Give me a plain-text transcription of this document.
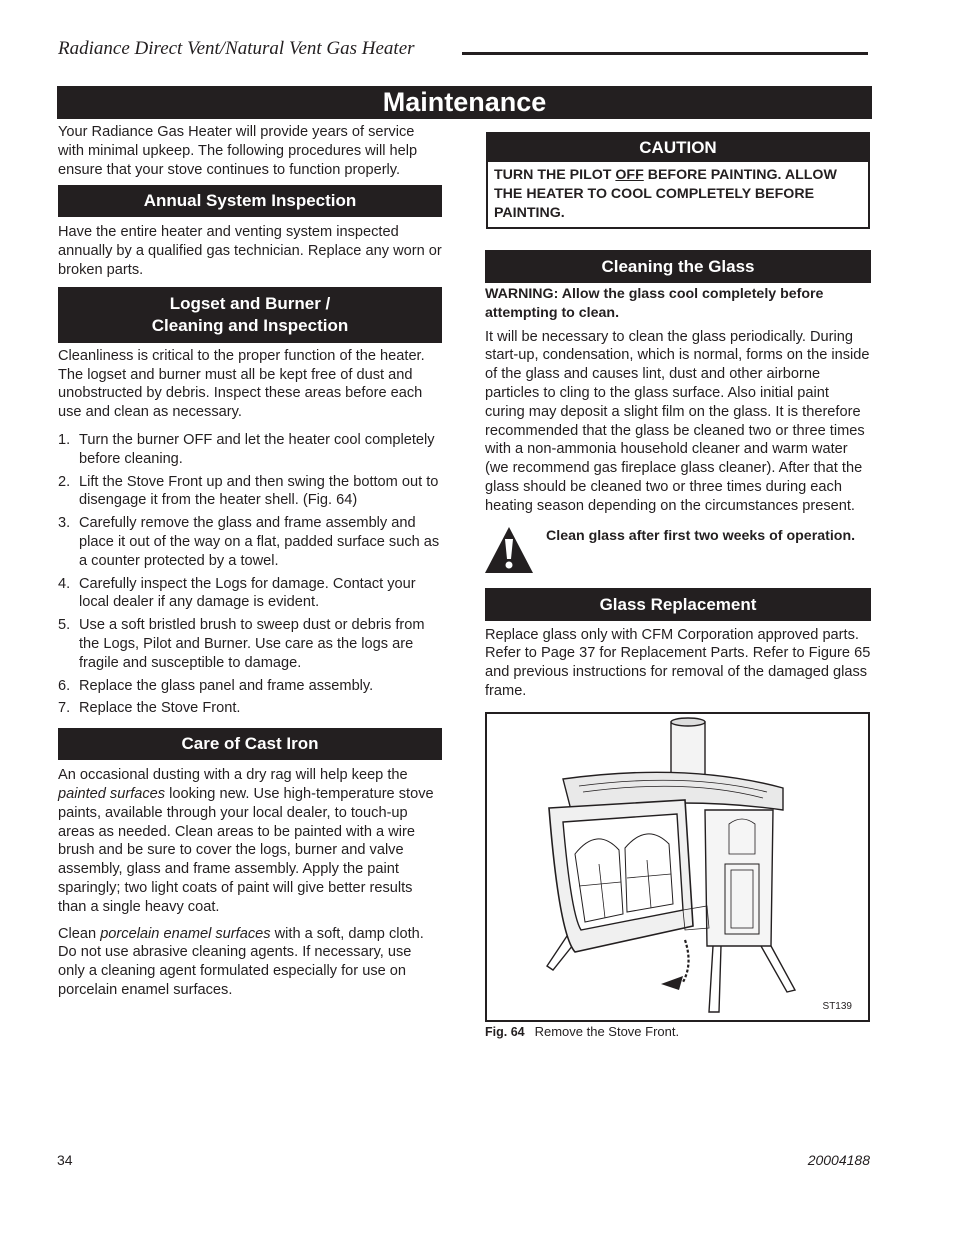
Radiance Direct Vent/Natural Vent Gas Heater
Maintenance

Your Radiance Gas Heater will provide years of service with minimal upkeep. The following procedures will help ensure that your stove continues to function properly.

Annual System Inspection

Have the entire heater and venting system inspected annually by a qualified gas technician. Replace any worn or broken parts.

Logset and Burner /
Cleaning and Inspection

Cleanliness is critical to the proper function of the heater. The logset and burner must all be kept free of dust and unobstructed by debris. Inspect these areas before each use and clean as necessary.

1. Turn the burner OFF and let the heater cool completely before cleaning.
2. Lift the Stove Front up and then swing the bottom out to disengage it from the heater shell. (Fig. 64)
3. Carefully remove the glass and frame assembly and place it out of the way on a flat, padded surface such as a counter protected by a towel.
4. Carefully inspect the Logs for damage. Contact your local dealer if any damage is evident.
5. Use a soft bristled brush to sweep dust or debris from the Logs, Pilot and Burner. Use care as the logs are fragile and susceptible to damage.
6. Replace the glass panel and frame assembly.
7. Replace the Stove Front.
Care of Cast Iron

An occasional dusting with a dry rag will help keep the painted surfaces looking new. Use high-temperature stove paints, available through your local dealer, to touch-up areas as needed. Clean areas to be painted with a wire brush and be sure to cover the logs, burner and valve assembly, glass and frame assembly. Apply the paint sparingly; two light coats of paint will give better results than a single heavy coat.

Clean porcelain enamel surfaces with a soft, damp cloth. Do not use abrasive cleaning agents. If necessary, use only a cleaning agent formulated especially for use on porcelain enamel surfaces.

CAUTION
TURN THE PILOT OFF BEFORE PAINTING. ALLOW THE HEATER TO COOL COMPLETELY BEFORE PAINTING.
Cleaning the Glass

WARNING: Allow the glass cool completely before attempting to clean.

It will be necessary to clean the glass periodically. During start-up, condensation, which is normal, forms on the inside of the glass and causes lint, dust and other airborne particles to cling to the glass surface. Also initial paint curing may deposit a slight film on the glass. It is therefore recommended that the glass be cleaned two or three times with a non-ammonia household cleaner and warm water (we recommend gas fireplace glass cleaner). After that the glass should be cleaned two or three times during each heating season depending on the circumstances present.

Clean glass after first two weeks of operation.

Glass Replacement

Replace glass only with CFM Corporation approved parts. Refer to Page 37 for Replacement Parts. Refer to Figure 65 and previous instructions for removal of the damaged glass frame.

ST139
Fig. 64 Remove the Stove Front.
34	20004188
